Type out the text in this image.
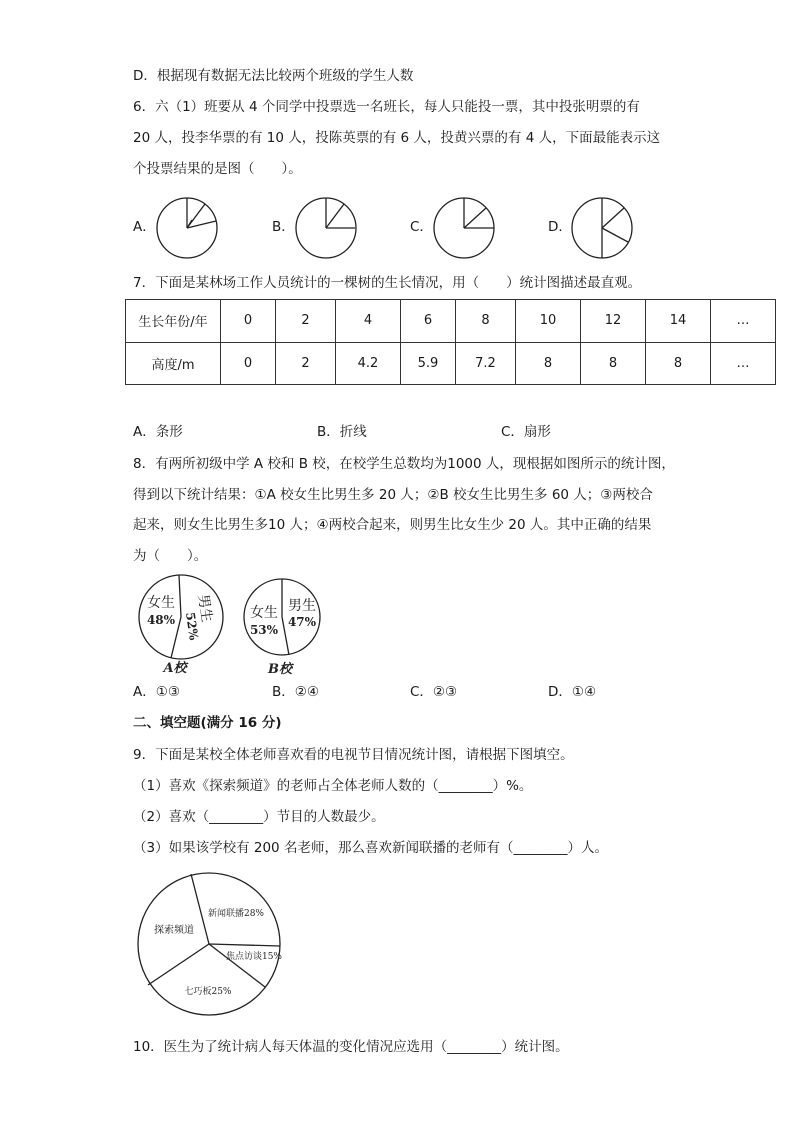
D．根据现有数据无法比较两个班级的学生人数
6．六（1）班要从 4 个同学中投票选一名班长，每人只能投一票，其中投张明票的有
20 人，投李华票的有 10 人，投陈英票的有 6 人，投黄兴票的有 4 人，下面最能表示这
个投票结果的是图（　　）。
A．	B．	C．	D．
7．下面是某林场工作人员统计的一棵树的生长情况，用（　　）统计图描述最直观。
生长年份/年	0	2	4	6	8	10	12	14	…
高度/m	0	2	4.2	5.9	7.2	8	8	8	…
A．条形	B．折线	C．扇形
8．有两所初级中学 A 校和 B 校，在校学生总数均为1000 人，现根据如图所示的统计图，
得到以下统计结果：①A 校女生比男生多 20 人；②B 校女生比男生多 60 人；③两校合
起来，则女生比男生多10 人；④两校合起来，则男生比女生少 20 人。其中正确的结果
为（　　）。
女生
48% 男生
52%
A校
女生
53%
男生
47%
B校
A．①③	B．②④	C．②③	D．①④
二、填空题(满分 16 分)
9．下面是某校全体老师喜欢看的电视节目情况统计图，请根据下图填空。
（1）喜欢《探索频道》的老师占全体老师人数的（________）%。
（2）喜欢（________）节目的人数最少。
（3）如果该学校有 200 名老师，那么喜欢新闻联播的老师有（________）人。
新闻联播28%
焦点访谈15%
七巧板25%
探索频道
10．医生为了统计病人每天体温的变化情况应选用（________）统计图。
